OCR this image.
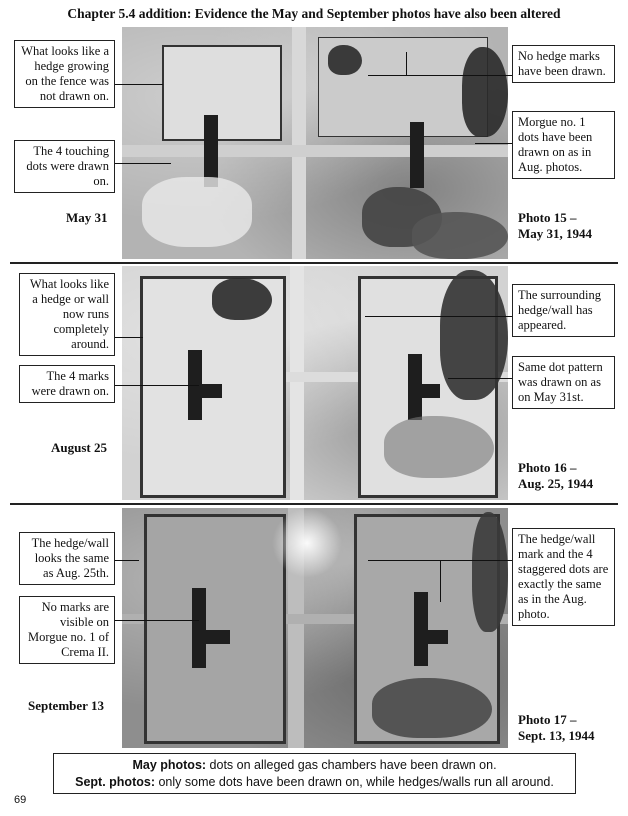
Chapter 5.4 addition: Evidence the May and September photos have also been altered
What looks like a hedge growing on the fence was not drawn on.
The 4 touching dots were drawn on.
No hedge marks have been drawn.
Morgue no. 1 dots have been drawn on as in Aug. photos.
May 31	Photo 15 –
May 31, 1944
What looks like a hedge or wall now runs completely around.
The 4 marks were drawn on.
The surrounding hedge/wall has appeared.
Same dot pattern was drawn on as on May 31st.
August 25
Photo 16 –
Aug. 25, 1944
The hedge/wall looks the same as Aug. 25th.
No marks are visible on Morgue no. 1 of Crema II.
The hedge/wall mark and the 4 staggered dots are exactly the same as in the Aug. photo.
September 13
Photo 17 –
Sept. 13, 1944
May photos: dots on alleged gas chambers have been drawn on.
Sept. photos: only some dots have been drawn on, while hedges/walls run all around.
69
